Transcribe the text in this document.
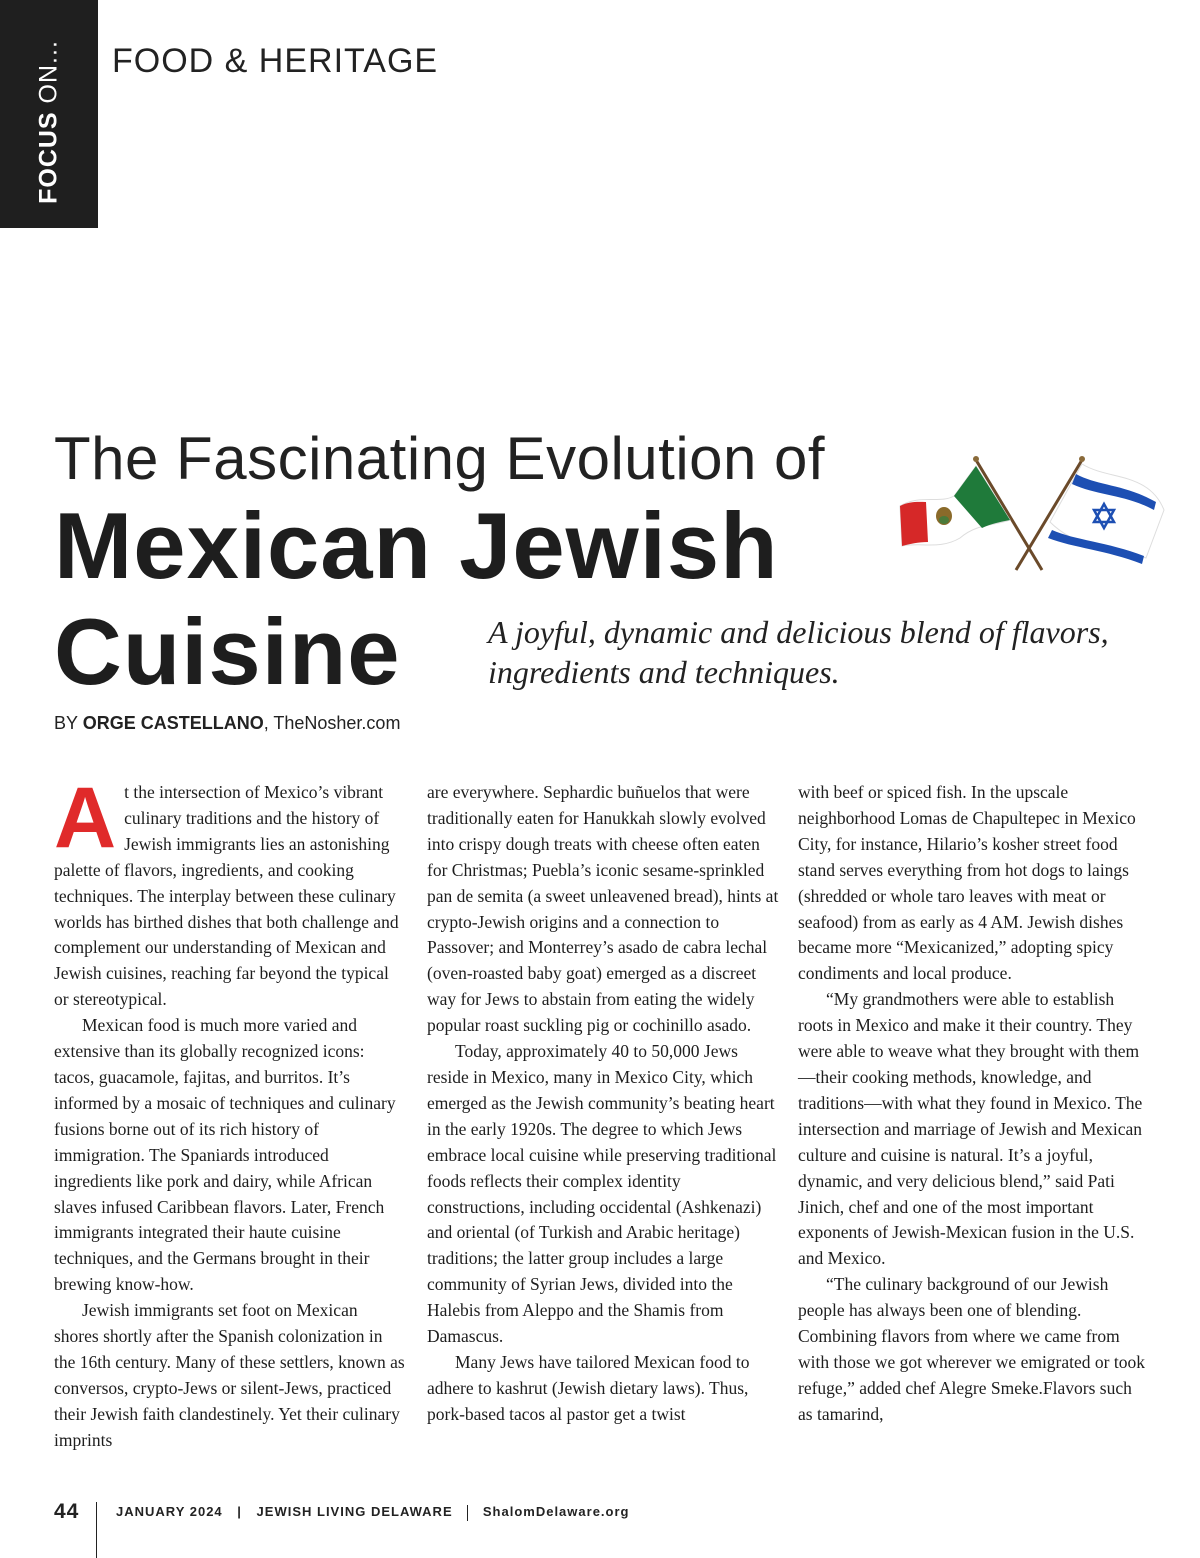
FOCUS ON... FOOD & HERITAGE
The Fascinating Evolution of
Mexican Jewish
Cuisine	A joyful, dynamic and delicious blend of flavors, ingredients and techniques.
BY ORGE CASTELLANO, TheNosher.com

At the intersection of Mexico’s vibrant culinary traditions and the history of Jewish immigrants lies an astonishing palette of flavors, ingredients, and cooking techniques. The interplay between these culinary worlds has birthed dishes that both challenge and complement our understanding of Mexican and Jewish cuisines, reaching far beyond the typical or stereotypical.

Mexican food is much more varied and extensive than its globally recognized icons: tacos, guacamole, fajitas, and burritos. It’s informed by a mosaic of techniques and culinary fusions borne out of its rich history of immigration. The Spaniards introduced ingredients like pork and dairy, while African slaves infused Caribbean flavors. Later, French immigrants integrated their haute cuisine techniques, and the Germans brought in their brewing know-how.

Jewish immigrants set foot on Mexican shores shortly after the Spanish colonization in the 16th century. Many of these settlers, known as conversos, crypto-Jews or silent-Jews, practiced their Jewish faith clandestinely. Yet their culinary imprints

are everywhere. Sephardic buñuelos that were traditionally eaten for Hanukkah slowly evolved into crispy dough treats with cheese often eaten for Christmas; Puebla’s iconic sesame-sprinkled pan de semita (a sweet unleavened bread), hints at crypto-Jewish origins and a connection to Passover; and Monterrey’s asado de cabra lechal (oven-roasted baby goat) emerged as a discreet way for Jews to abstain from eating the widely popular roast suckling pig or cochinillo asado.

Today, approximately 40 to 50,000 Jews reside in Mexico, many in Mexico City, which emerged as the Jewish community’s beating heart in the early 1920s. The degree to which Jews embrace local cuisine while preserving traditional foods reflects their complex identity constructions, including occidental (Ashkenazi) and oriental (of Turkish and Arabic heritage) traditions; the latter group includes a large community of Syrian Jews, divided into the Halebis from Aleppo and the Shamis from Damascus.

Many Jews have tailored Mexican food to adhere to kashrut (Jewish dietary laws). Thus, pork-based tacos al pastor get a twist

with beef or spiced fish. In the upscale neighborhood Lomas de Chapultepec in Mexico City, for instance, Hilario’s kosher street food stand serves everything from hot dogs to laings (shredded or whole taro leaves with meat or seafood) from as early as 4 AM. Jewish dishes became more “Mexicanized,” adopting spicy condiments and local produce.

“My grandmothers were able to establish roots in Mexico and make it their country. They were able to weave what they brought with them—their cooking methods, knowledge, and traditions—with what they found in Mexico. The intersection and marriage of Jewish and Mexican culture and cuisine is natural. It’s a joyful, dynamic, and very delicious blend,” said Pati Jinich, chef and one of the most important exponents of Jewish-Mexican fusion in the U.S. and Mexico.

“The culinary background of our Jewish people has always been one of blending. Combining flavors from where we came from with those we got wherever we emigrated or took refuge,” added chef Alegre Smeke.Flavors such as tamarind,

44	JANUARY 2024 | JEWISH LIVING DELAWARE ShalomDelaware.org
